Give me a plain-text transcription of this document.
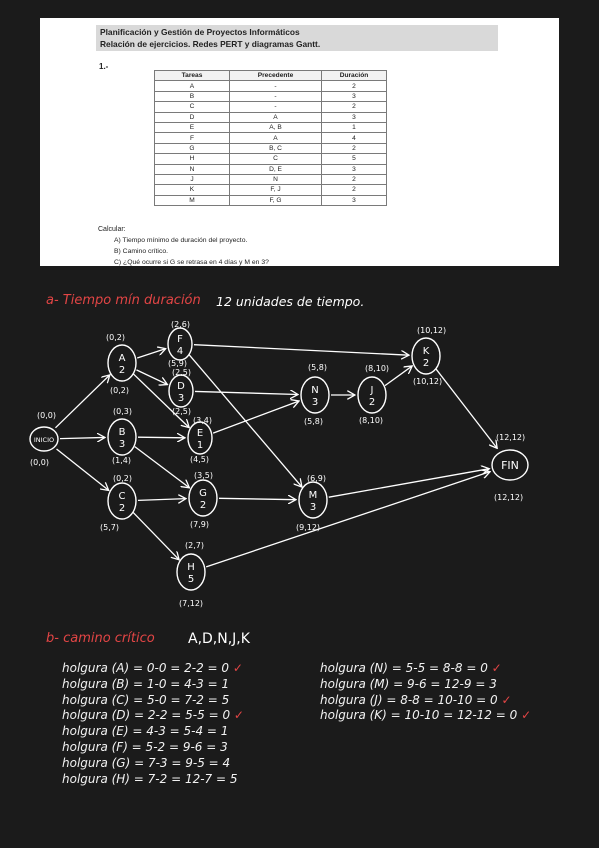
Planificación y Gestión de Proyectos Informáticos
Relación de ejercicios. Redes PERT y diagramas Gantt.
1.-
Tareas	Precedente	Duración
A	-	2
B	-	3
C	-	2
D	A	3
E	A, B	1
F	A	4
G	B, C	2
H	C	5
N	D, E	3
J	N	2
K	F, J	2
M	F, G	3
Calcular:
A) Tiempo mínimo de duración del proyecto.
B) Camino crítico.
C) ¿Qué ocurre si G se retrasa en 4 días y M en 3?
a- Tiempo mín duración 12 unidades de tiempo.
b- camino crítico A,D,N,J,K
holgura (A) = 0-0 = 2-2 = 0 ✓
holgura (B) = 1-0 = 4-3 = 1
holgura (C) = 5-0 = 7-2 = 5
holgura (D) = 2-2 = 5-5 = 0 ✓
holgura (E) = 4-3 = 5-4 = 1
holgura (F) = 5-2 = 9-6 = 3
holgura (G) = 7-3 = 9-5 = 4
holgura (H) = 7-2 = 12-7 = 5
holgura (N) = 5-5 = 8-8 = 0 ✓
holgura (M) = 9-6 = 12-9 = 3
holgura (J) = 8-8 = 10-10 = 0 ✓
holgura (K) = 10-10 = 12-12 = 0 ✓
INICIO
(0,0)
(0,0)
A
2
(0,2)
(0,2)
B
3
(0,3)
(1,4)
C
2
(0,2)
(5,7)
F
4
(2,6)
(5,9)
D
3
(2,5)
(2,5)
E
1
(3,4)
(4,5)
G
2
(3,5)
(7,9)
H
5
(2,7)
(7,12)
N
3
(5,8)
(5,8)
J
2
(8,10)
(8,10)
K
2
(10,12)
(10,12)
M
3
(6,9)
(9,12)
FIN
(12,12)
(12,12)
